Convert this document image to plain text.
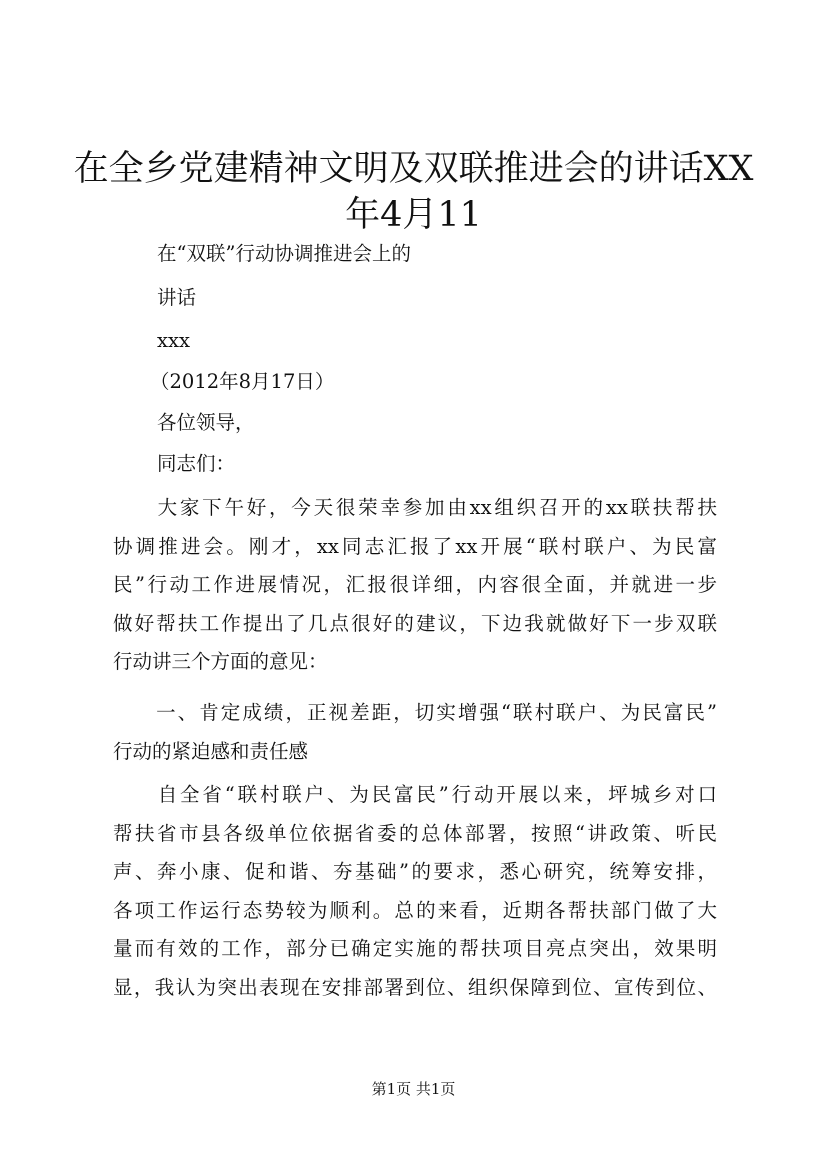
在全乡党建精神文明及双联推进会的讲话XX
年4月11

在“双联”行动协调推进会上的

讲话

xxx

（2012年8月17日）

各位领导，

同志们：

　　大家下午好，今天很荣幸参加由xx组织召开的xx联扶帮扶
协调推进会。刚才，xx同志汇报了xx开展“联村联户、为民富
民”行动工作进展情况，汇报很详细，内容很全面，并就进一步
做好帮扶工作提出了几点很好的建议，下边我就做好下一步双联
行动讲三个方面的意见：
　　一、肯定成绩，正视差距，切实增强“联村联户、为民富民”
行动的紧迫感和责任感
　　自全省“联村联户、为民富民”行动开展以来，坪城乡对口
帮扶省市县各级单位依据省委的总体部署，按照“讲政策、听民
声、奔小康、促和谐、夯基础”的要求，悉心研究，统筹安排，
各项工作运行态势较为顺利。总的来看，近期各帮扶部门做了大
量而有效的工作，部分已确定实施的帮扶项目亮点突出，效果明
显，我认为突出表现在安排部署到位、组织保障到位、宣传到位、
第1页 共1页
